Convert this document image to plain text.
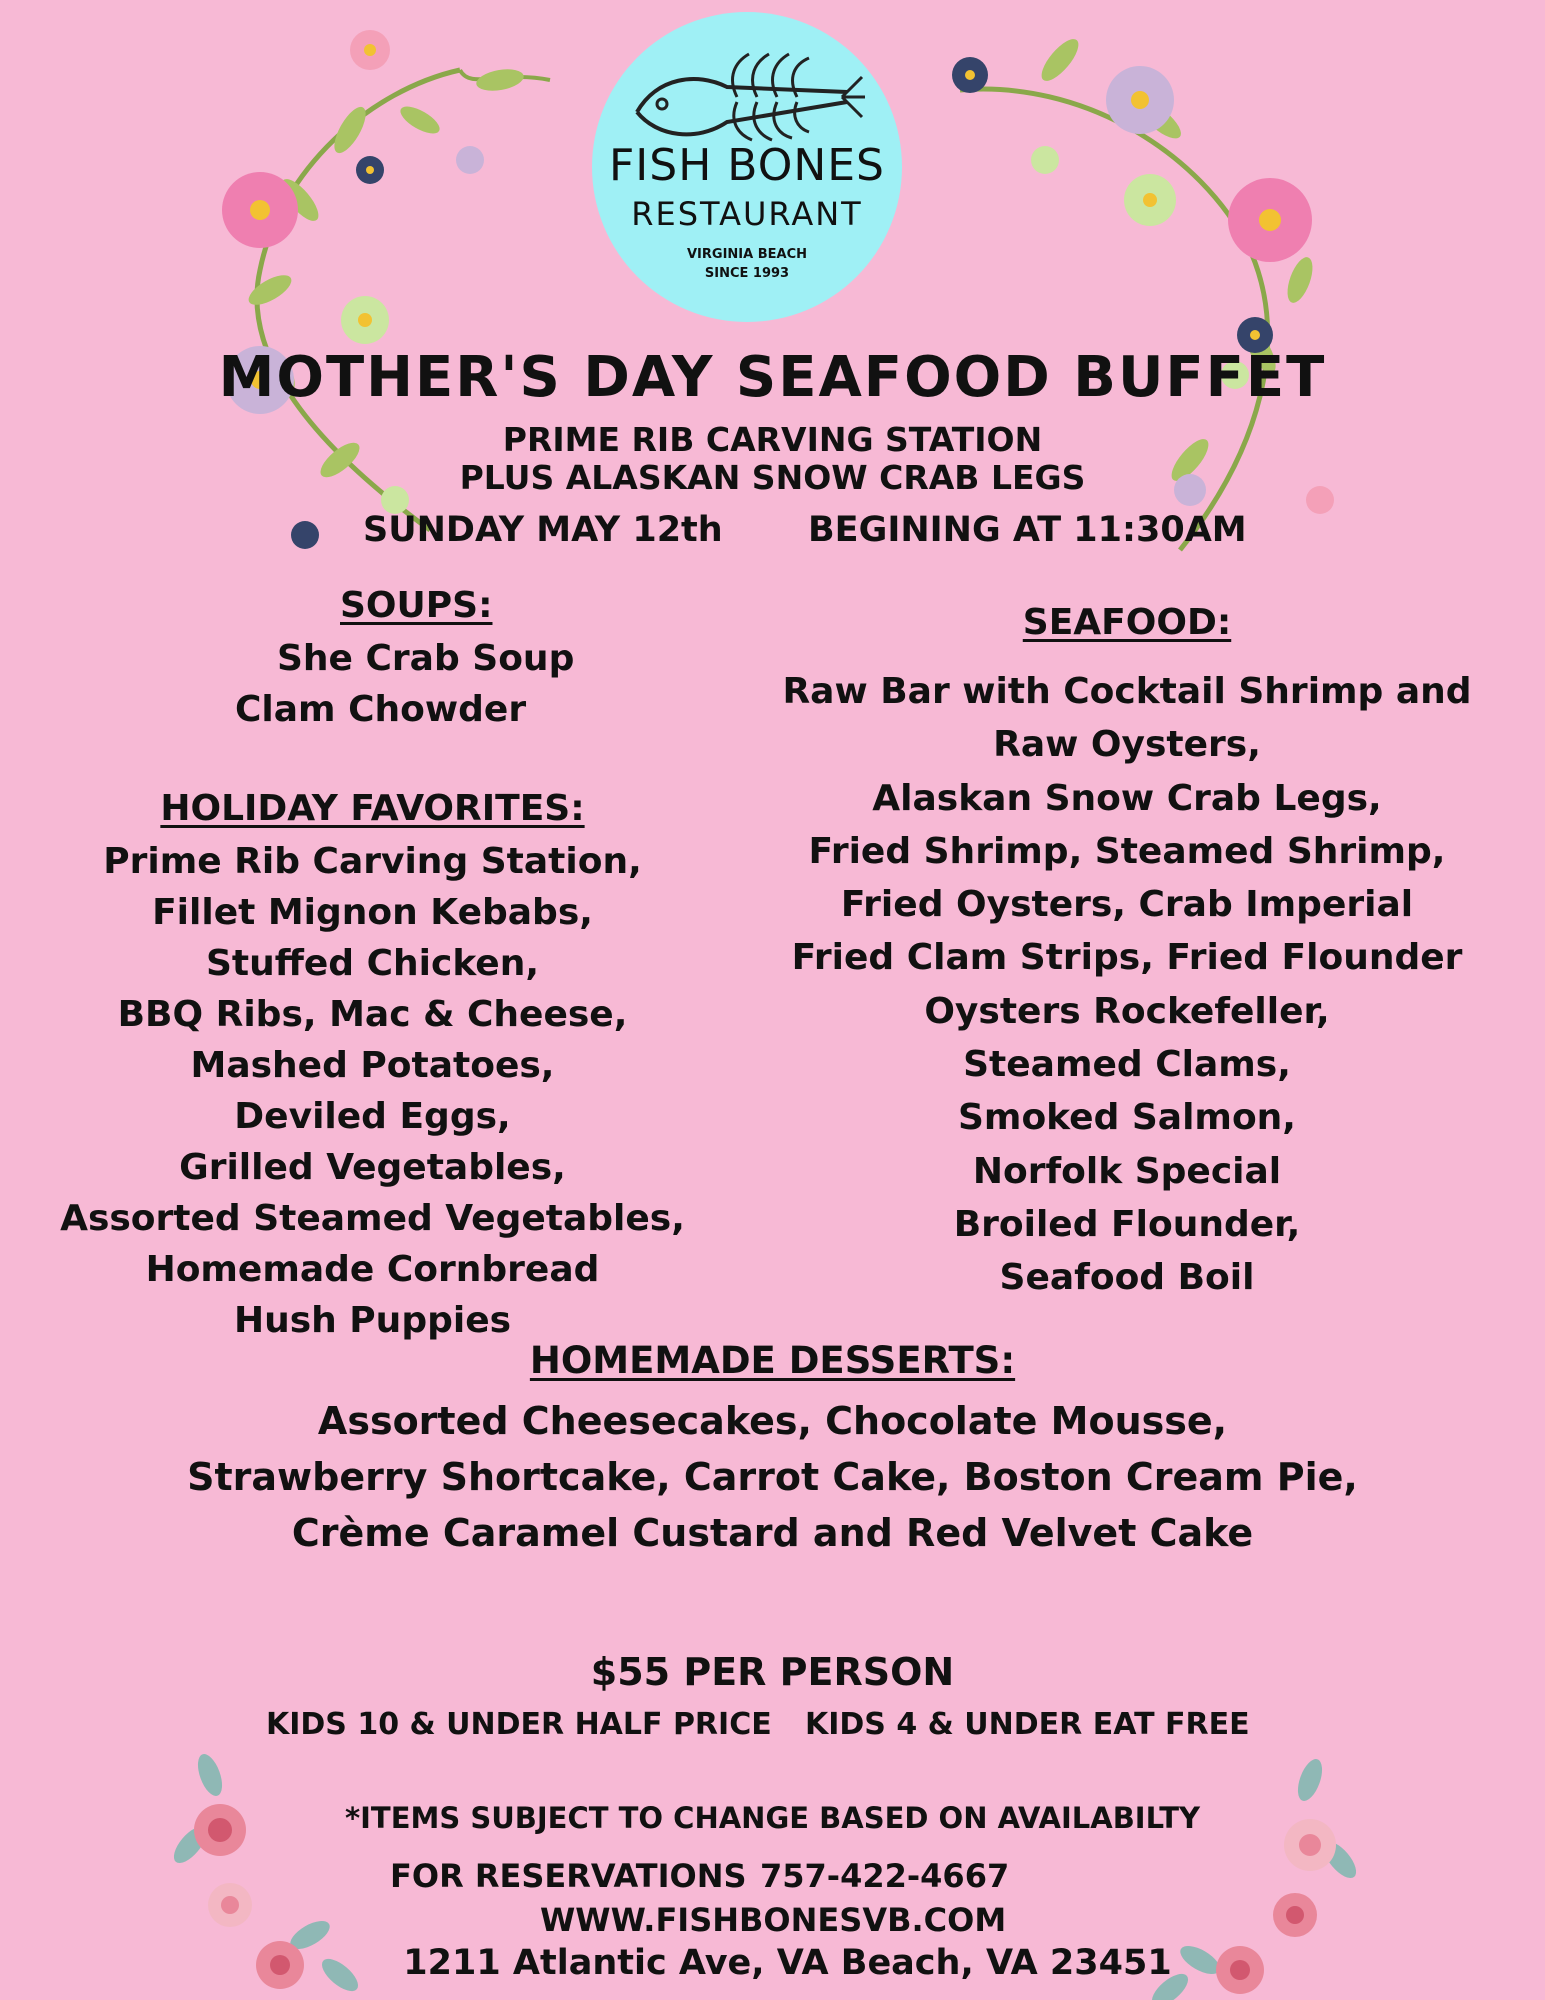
FISH BONES
RESTAURANT
VIRGINIA BEACH
SINCE 1993
MOTHER'S DAY SEAFOOD BUFFET
PRIME RIB CARVING STATION
PLUS ALASKAN SNOW CRAB LEGS
SUNDAY MAY 12th BEGINING AT 11:30AM
SOUPS:
She Crab Soup
Clam Chowder
HOLIDAY FAVORITES:
Prime Rib Carving Station,
Fillet Mignon Kebabs,
Stuffed Chicken,
BBQ Ribs, Mac & Cheese,
Mashed Potatoes,
Deviled Eggs,
Grilled Vegetables,
Assorted Steamed Vegetables,
Homemade Cornbread
Hush Puppies
SEAFOOD:
Raw Bar with Cocktail Shrimp and
Raw Oysters,
Alaskan Snow Crab Legs,
Fried Shrimp, Steamed Shrimp,
Fried Oysters, Crab Imperial
Fried Clam Strips, Fried Flounder
Oysters Rockefeller,
Steamed Clams,
Smoked Salmon,
Norfolk Special
Broiled Flounder,
Seafood Boil
HOMEMADE DESSERTS:
Assorted Cheesecakes, Chocolate Mousse,
Strawberry Shortcake, Carrot Cake, Boston Cream Pie,
Crème Caramel Custard and Red Velvet Cake
$55 PER PERSON
KIDS 10 & UNDER HALF PRICE KIDS 4 & UNDER EAT FREE
*ITEMS SUBJECT TO CHANGE BASED ON AVAILABILTY
FOR RESERVATIONS 757-422-4667
WWW.FISHBONESVB.COM
1211 Atlantic Ave, VA Beach, VA 23451
